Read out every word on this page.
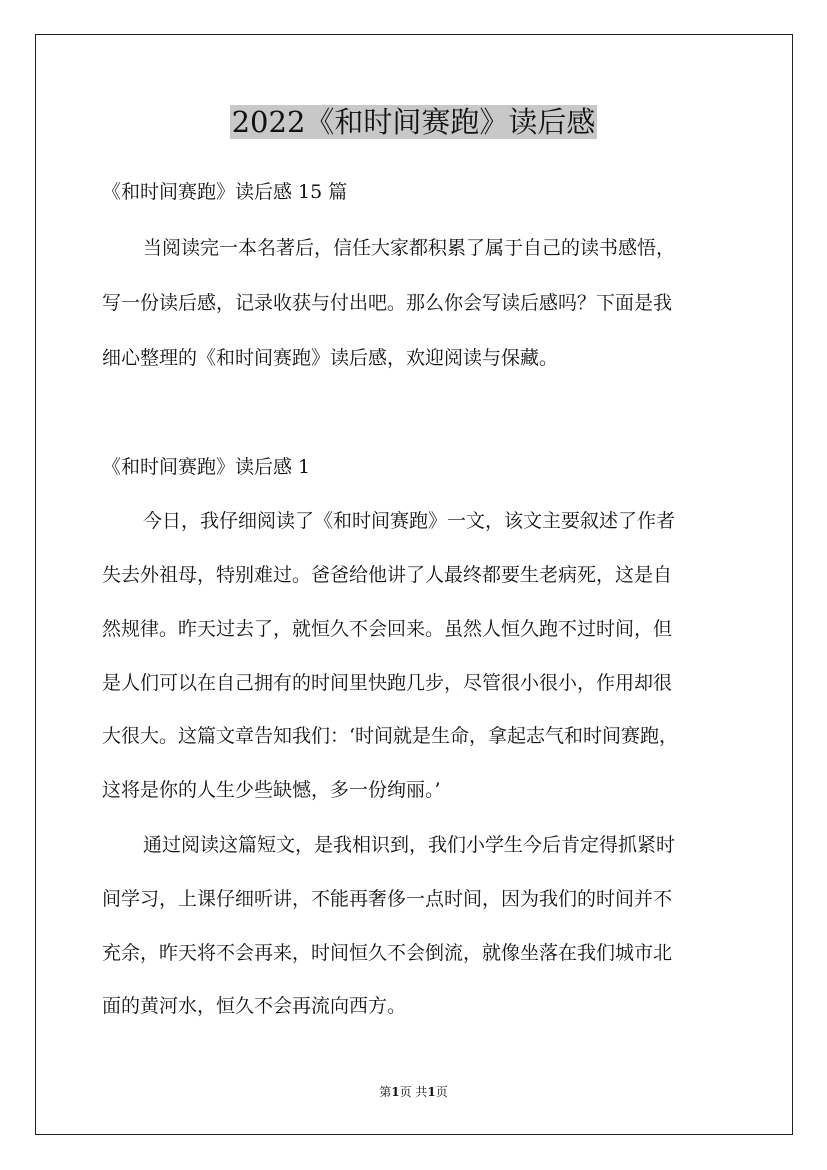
2022《和时间赛跑》读后感

《和时间赛跑》读后感 15 篇

当阅读完一本名著后，信任大家都积累了属于自己的读书感悟，

写一份读后感，记录收获与付出吧。那么你会写读后感吗？下面是我

细心整理的《和时间赛跑》读后感，欢迎阅读与保藏。

《和时间赛跑》读后感 1

今日，我仔细阅读了《和时间赛跑》一文，该文主要叙述了作者

失去外祖母，特别难过。爸爸给他讲了人最终都要生老病死，这是自

然规律。昨天过去了，就恒久不会回来。虽然人恒久跑不过时间，但

是人们可以在自己拥有的时间里快跑几步，尽管很小很小，作用却很

大很大。这篇文章告知我们：‘时间就是生命，拿起志气和时间赛跑，

这将是你的人生少些缺憾，多一份绚丽。’

通过阅读这篇短文，是我相识到，我们小学生今后肯定得抓紧时

间学习，上课仔细听讲，不能再奢侈一点时间，因为我们的时间并不

充余，昨天将不会再来，时间恒久不会倒流，就像坐落在我们城市北

面的黄河水，恒久不会再流向西方。

第1页 共1页
